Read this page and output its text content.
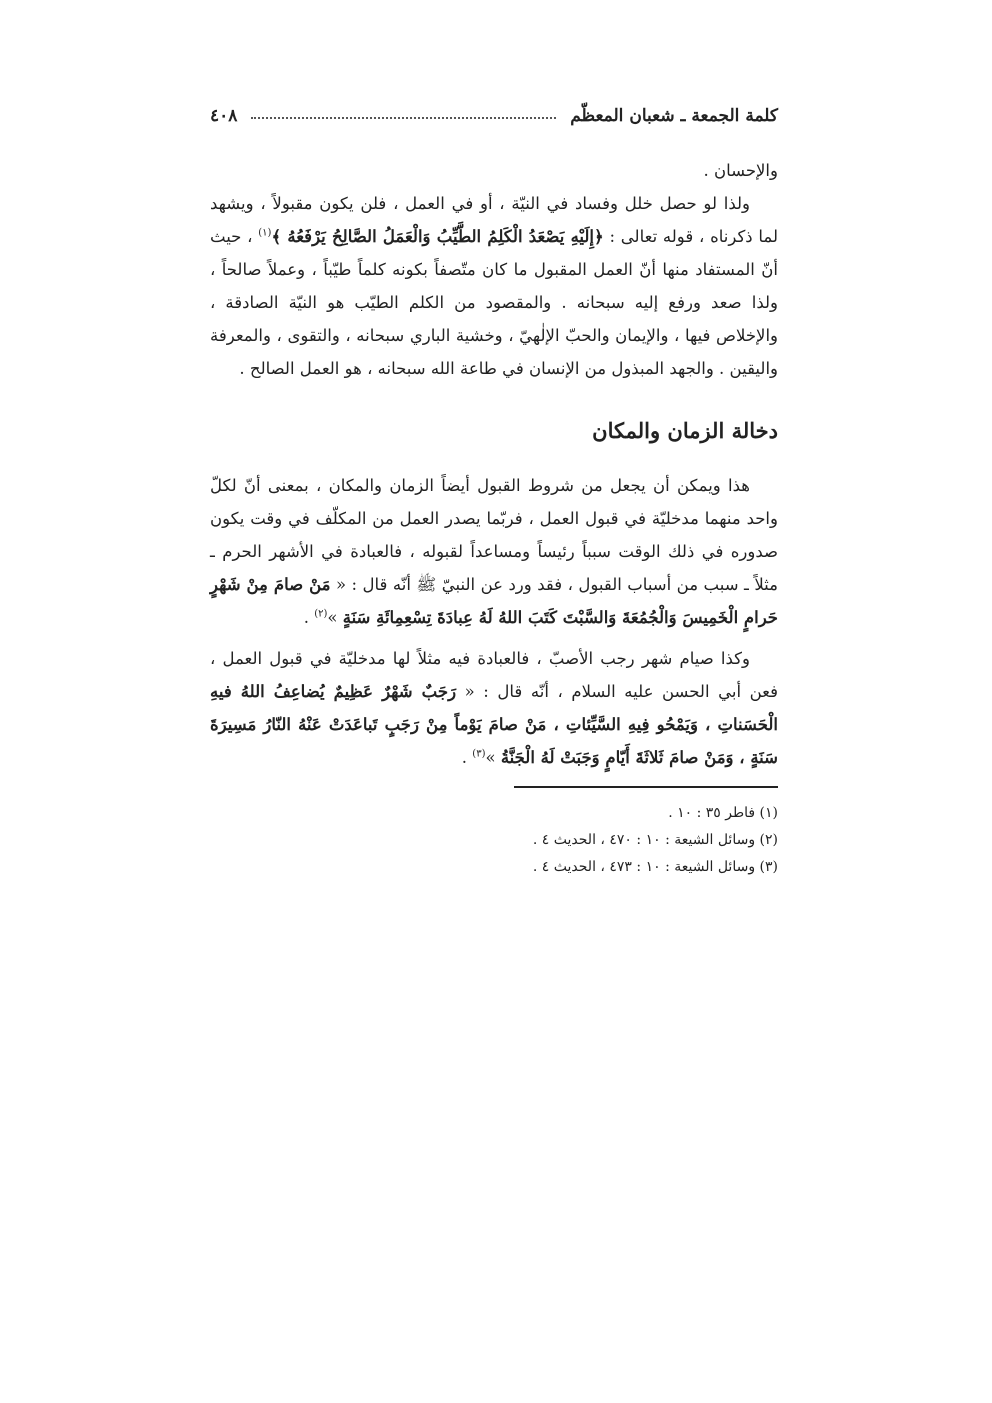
كلمة الجمعة ـ شعبان المعظّم
٤٠٨

والإحسان .

ولذا لو حصل خلل وفساد في النيّة ، أو في العمل ، فلن يكون مقبولاً ، ويشهد لما ذكرناه ، قوله تعالى : ﴿إِلَيْهِ يَصْعَدُ الْكَلِمُ الطَّيِّبُ وَالْعَمَلُ الصَّالِحُ يَرْفَعُهُ ﴾$^{(١)}$ ، حيث أنّ المستفاد منها أنّ العمل المقبول ما كان متّصفاً بكونه كلماً طيّباً ، وعملاً صالحاً ، ولذا صعد ورفع إليه سبحانه . والمقصود من الكلم الطيّب هو النيّة الصادقة ، والإخلاص فيها ، والإيمان والحبّ الإلٰهيّ ، وخشية الباري سبحانه ، والتقوى ، والمعرفة واليقين . والجهد المبذول من الإنسان في طاعة الله سبحانه ، هو العمل الصالح .

دخالة الزمان والمكان

هذا ويمكن أن يجعل من شروط القبول أيضاً الزمان والمكان ، بمعنى أنّ لكلّ واحد منهما مدخليّة في قبول العمل ، فربّما يصدر العمل من المكلّف في وقت يكون صدوره في ذلك الوقت سبباً رئيساً ومساعداً لقبوله ، فالعبادة في الأشهر الحرم ـ مثلاً ـ سبب من أسباب القبول ، فقد ورد عن النبيّ ﷺ أنّه قال : « مَنْ صامَ مِنْ شَهْرٍ حَرامٍ الْخَمِيسَ وَالْجُمُعَةَ وَالسَّبْتَ كَتَبَ اللهُ لَهُ عِبادَةَ تِسْعِمِائَةِ سَنَةٍ »$^{(٢)}$ .

وكذا صيام شهر رجب الأصبّ ، فالعبادة فيه مثلاً لها مدخليّة في قبول العمل ، فعن أبي الحسن عليه السلام ، أنّه قال : « رَجَبٌ شَهْرٌ عَظِيمٌ يُضاعِفُ اللهُ فيهِ الْحَسَناتِ ، وَيَمْحُو فِيهِ السَّيِّئاتِ ، مَنْ صامَ يَوْماً مِنْ رَجَبٍ تَباعَدَتْ عَنْهُ النّارُ مَسِيرَةَ سَنَةٍ ، وَمَنْ صامَ ثَلاثَةَ أَيّامٍ وَجَبَتْ لَهُ الْجَنَّةُ »$^{(٣)}$ .

(١) فاطر ٣٥ : ١٠ .
(٢) وسائل الشيعة : ١٠ : ٤٧٠ ، الحديث ٤ .
(٣) وسائل الشيعة : ١٠ : ٤٧٣ ، الحديث ٤ .
